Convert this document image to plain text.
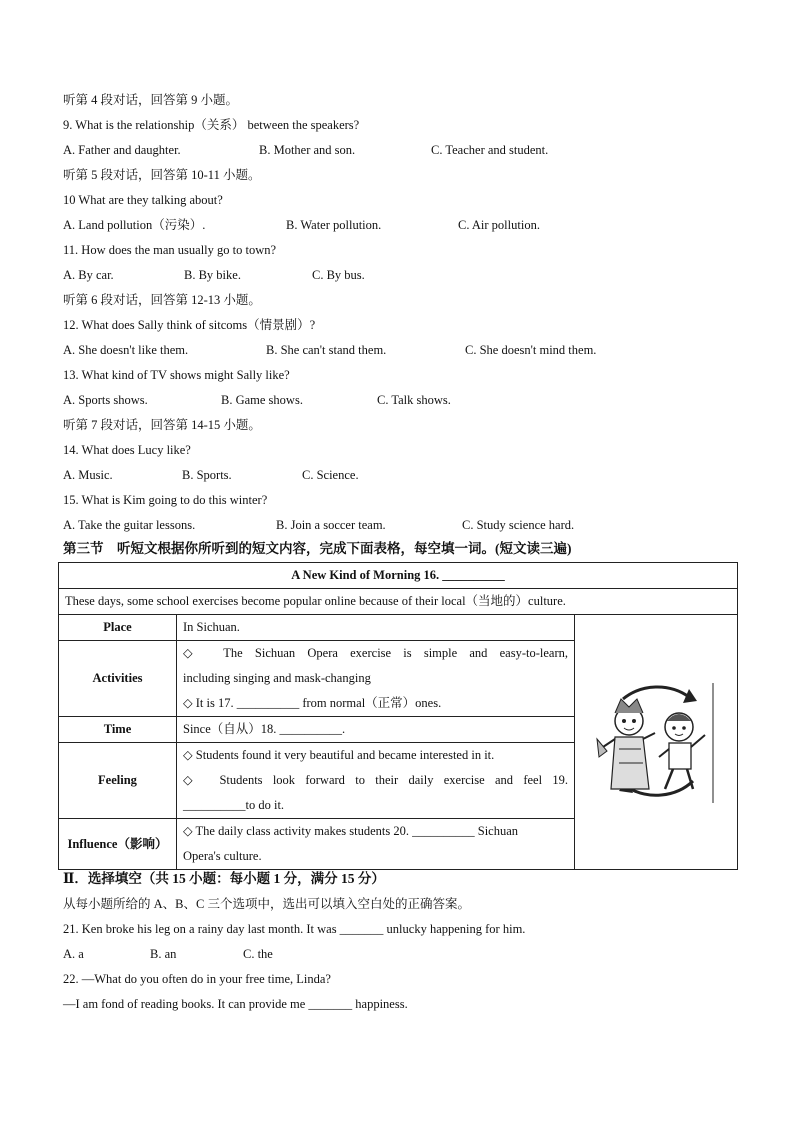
听第 4 段对话，回答第 9 小题。
9. What is the relationship（关系） between the speakers?
A. Father and daughter.	B. Mother and son.	C. Teacher and student.
听第 5 段对话，回答第 10-11 小题。
10 What are they talking about?
A. Land pollution（污染）.	B. Water pollution.	C. Air pollution.
11. How does the man usually go to town?
A. By car.	B. By bike.	C. By bus.
听第 6 段对话，回答第 12-13 小题。
12. What does Sally think of sitcoms（情景剧）?
A. She doesn't like them.	B. She can't stand them.	C. She doesn't mind them.
13. What kind of TV shows might Sally like?
A. Sports shows.	B. Game shows.	C. Talk shows.
听第 7 段对话，回答第 14-15 小题。
14. What does Lucy like?
A. Music.	B. Sports.	C. Science.
15. What is Kim going to do this winter?
A. Take the guitar lessons.	B. Join a soccer team.	C. Study science hard.
第三节　听短文根据你所听到的短文内容，完成下面表格，每空填一词。(短文读三遍)
A New Kind of Morning 16. __________		
These days, some school exercises become popular online because of their local（当地的）culture.		
Place	In Sichuan.	

Activities	◇　The Sichuan Opera exercise is simple and easy-to-learn,
including singing and mask-changing
◇ It is 17. __________ from normal（正常）ones.	

Time	Since（自从）18. __________.	
Feeling	◇ Students found it very beautiful and became interested in it.
◇　Students look forward to their daily exercise and feel 19.
__________to do it.	

Influence（影响）	◇ The daily class activity makes students 20. __________ Sichuan
Opera's culture.	
Ⅱ．选择填空（共 15 小题：每小题 1 分，满分 15 分）
从每小题所给的 A、B、C 三个选项中，选出可以填入空白处的正确答案。
21. Ken broke his leg on a rainy day last month. It was _______ unlucky happening for him.
A. a	B. an	C. the
22. —What do you often do in your free time, Linda?
—I am fond of reading books. It can provide me _______ happiness.
